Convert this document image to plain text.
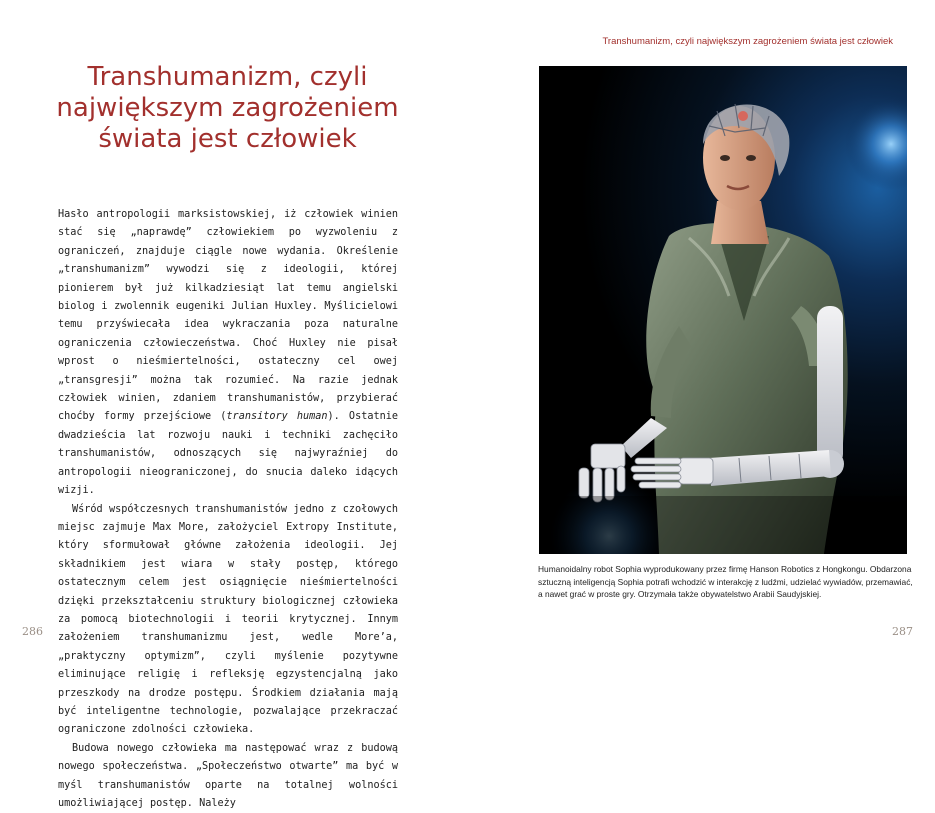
Transhumanizm, czyli największym zagrożeniem świata jest człowiek

Hasło antropologii marksistowskiej, iż człowiek winien stać się „naprawdę” człowiekiem po wyzwoleniu z ograniczeń, znajduje ciągle nowe wydania. Określenie „transhumanizm” wywodzi się z ideologii, której pionierem był już kilkadziesiąt lat temu angielski biolog i zwolennik eugeniki Julian Huxley. Myślicielowi temu przyświecała idea wykraczania poza naturalne ograniczenia człowieczeństwa. Choć Huxley nie pisał wprost o nieśmiertelności, ostateczny cel owej „transgresji” można tak rozumieć. Na razie jednak człowiek winien, zdaniem transhumanistów, przybierać choćby formy przejściowe (transitory human). Ostatnie dwadzieścia lat rozwoju nauki i techniki zachęciło transhumanistów, odnoszących się najwyraźniej do antropologii nieograniczonej, do snucia daleko idących wizji.

Wśród współczesnych transhumanistów jedno z czołowych miejsc zajmuje Max More, założyciel Extropy Institute, który sformułował główne założenia ideologii. Jej składnikiem jest wiara w stały postęp, którego ostatecznym celem jest osiągnięcie nieśmiertelności dzięki przekształceniu struktury biologicznej człowieka za pomocą biotechnologii i teorii krytycznej. Innym założeniem transhumanizmu jest, wedle More’a, „praktyczny optymizm”, czyli myślenie pozytywne eliminujące religię i refleksję egzystencjalną jako przeszkody na drodze postępu. Środkiem działania mają być inteligentne technologie, pozwalające przekraczać ograniczone zdolności człowieka.

Budowa nowego człowieka ma następować wraz z budową nowego społeczeństwa. „Społeczeństwo otwarte” ma być w myśl transhumanistów oparte na totalnej wolności umożliwiającej postęp. Należy

286
Transhumanizm, czyli największym zagrożeniem świata jest człowiek
Humanoidalny robot Sophia wyprodukowany przez firmę Hanson Robotics z Hongkongu. Obdarzona sztuczną inteligencją Sophia potrafi wchodzić w interakcję z ludźmi, udzielać wywiadów, przemawiać, a nawet grać w proste gry. Otrzymała także obywatelstwo Arabii Saudyjskiej.
287
